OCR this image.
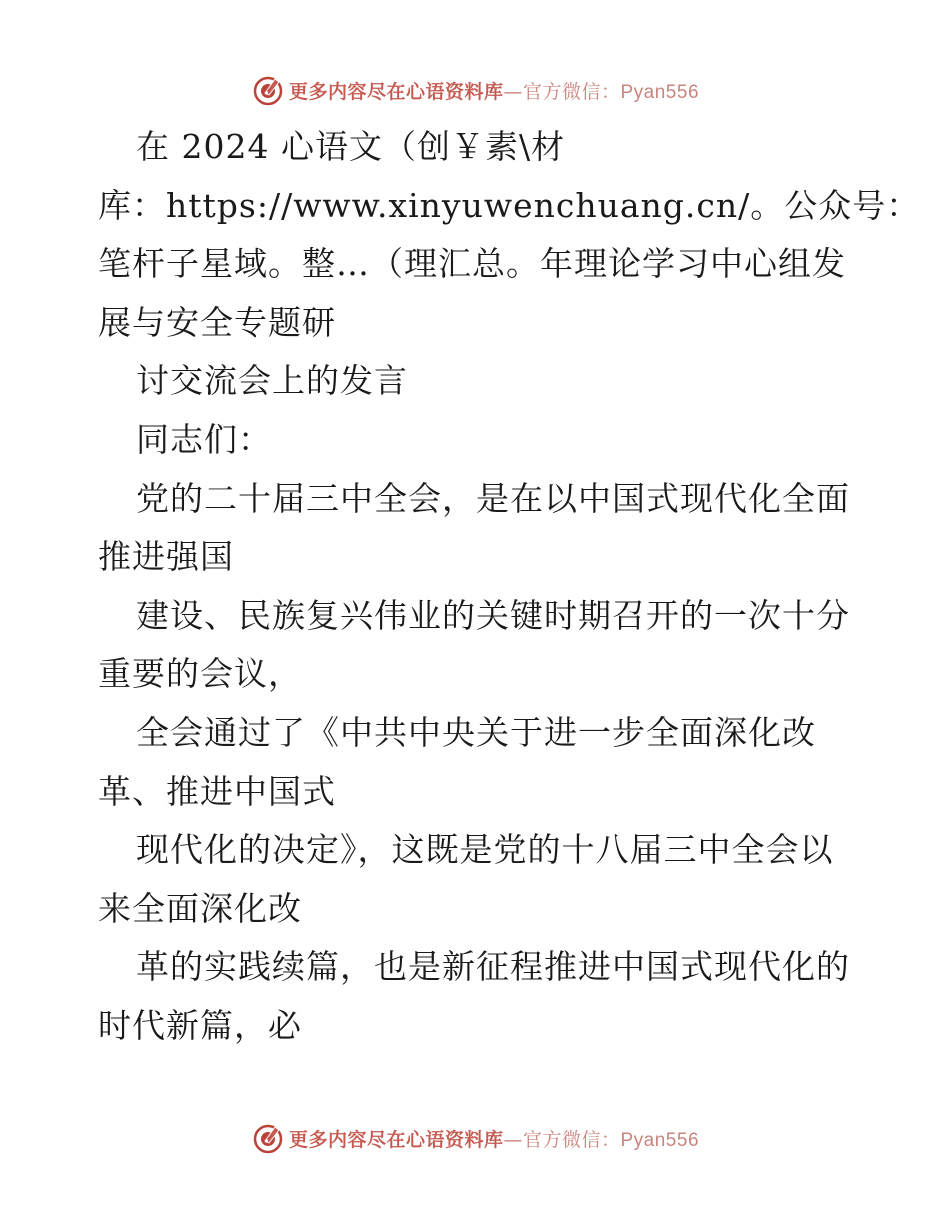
更多内容尽在心语资料库—官方微信：Pyan556
在 2024 心语文（创￥素\材
库：https://www.xinyuwenchuang.cn/。公众号：
笔杆子星域。整…（理汇总。年理论学习中心组发
展与安全专题研
讨交流会上的发言
同志们：
党的二十届三中全会，是在以中国式现代化全面
推进强国
建设、民族复兴伟业的关键时期召开的一次十分
重要的会议，
全会通过了《中共中央关于进一步全面深化改
革、推进中国式
现代化的决定》，这既是党的十八届三中全会以
来全面深化改
革的实践续篇，也是新征程推进中国式现代化的
时代新篇，必
更多内容尽在心语资料库—官方微信：Pyan556
